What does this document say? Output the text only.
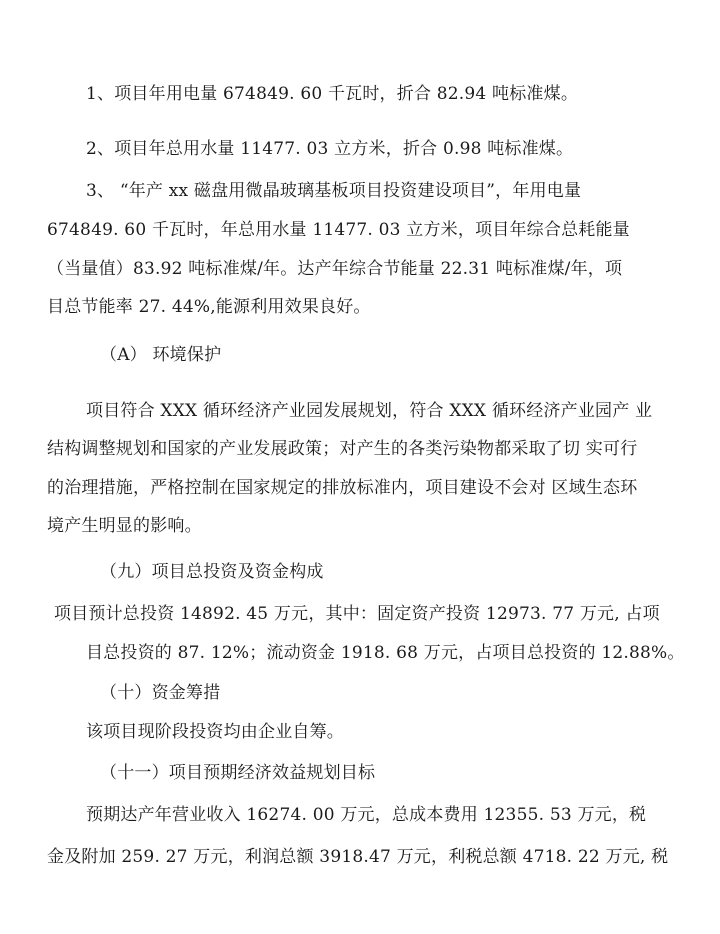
1、项目年用电量 674849. 60 千瓦时，折合 82.94 吨标准煤。
2、项目年总用水量 11477. 03 立方米，折合 0.98 吨标准煤。
3、 “年产 xx 磁盘用微晶玻璃基板项目投资建设项目”，年用电量
674849. 60 千瓦时，年总用水量 11477. 03 立方米，项目年综合总耗能量
（当量值）83.92 吨标准煤/年。达产年综合节能量 22.31 吨标准煤/年，项
目总节能率 27. 44%,能源利用效果良好。
（A） 环境保护
项目符合 XXX 循环经济产业园发展规划，符合 XXX 循环经济产业园产 业
结构调整规划和国家的产业发展政策；对产生的各类污染物都采取了切 实可行
的治理措施，严格控制在国家规定的排放标准内，项目建设不会对 区域生态环
境产生明显的影响。
（九）项目总投资及资金构成
项目预计总投资 14892. 45 万元，其中：固定资产投资 12973. 77 万元, 占项
目总投资的 87. 12%；流动资金 1918. 68 万元，占项目总投资的 12.88%。
（十）资金筹措
该项目现阶段投资均由企业自筹。
（十一）项目预期经济效益规划目标
预期达产年营业收入 16274. 00 万元，总成本费用 12355. 53 万元，税
金及附加 259. 27 万元，利润总额 3918.47 万元，利税总额 4718. 22 万元, 税
